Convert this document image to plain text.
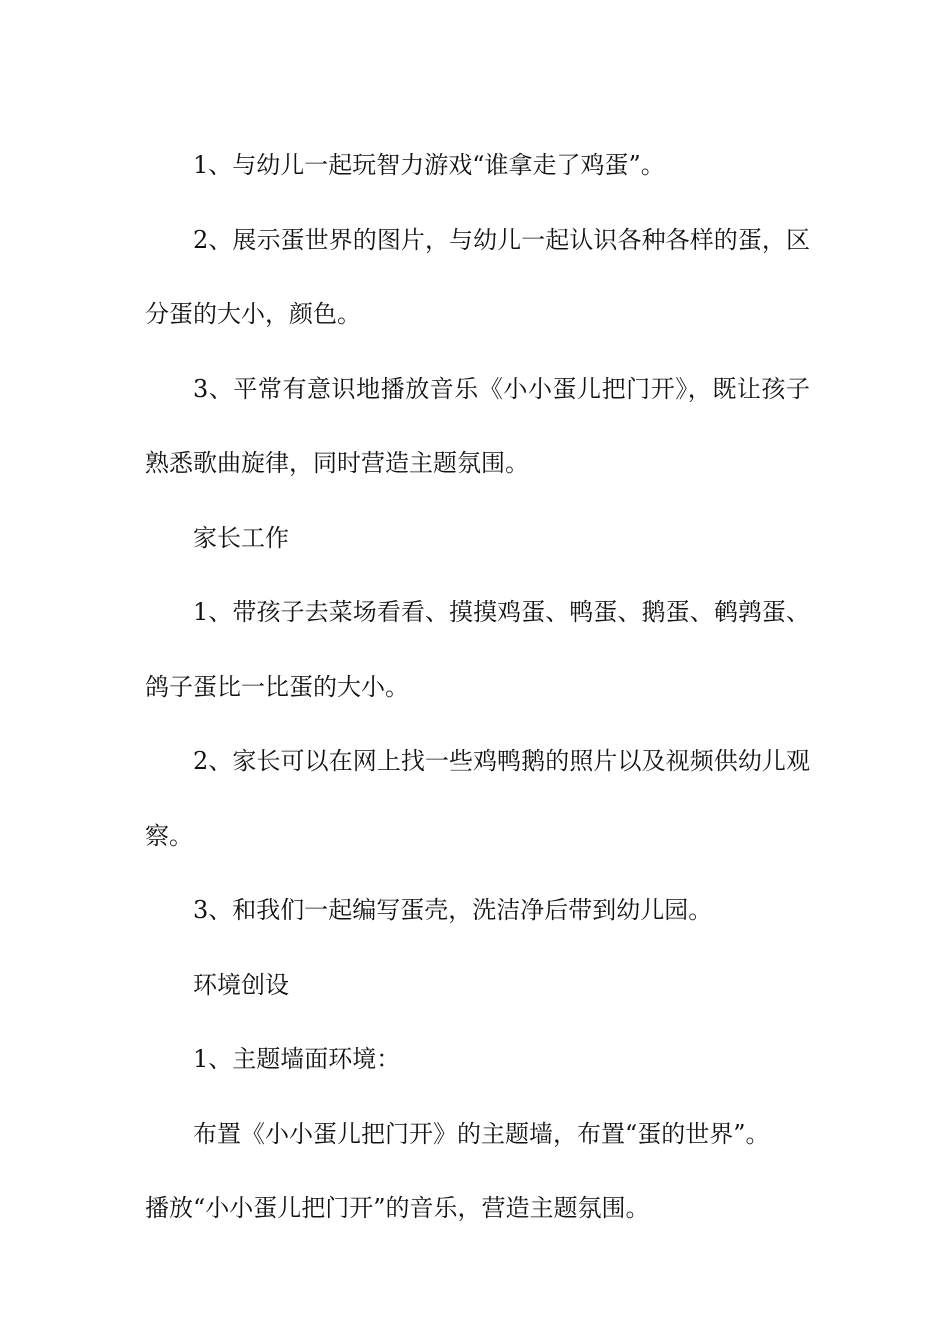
1、与幼儿一起玩智力游戏“谁拿走了鸡蛋”。

2、展示蛋世界的图片，与幼儿一起认识各种各样的蛋，区分蛋的大小，颜色。

3、平常有意识地播放音乐《小小蛋儿把门开》，既让孩子熟悉歌曲旋律，同时营造主题氛围。

家长工作

1、带孩子去菜场看看、摸摸鸡蛋、鸭蛋、鹅蛋、鹌鹑蛋、鸽子蛋比一比蛋的大小。

2、家长可以在网上找一些鸡鸭鹅的照片以及视频供幼儿观察。

3、和我们一起编写蛋壳，洗洁净后带到幼儿园。

环境创设

1、主题墙面环境：

布置《小小蛋儿把门开》的主题墙，布置“蛋的世界”。

播放“小小蛋儿把门开”的音乐，营造主题氛围。
